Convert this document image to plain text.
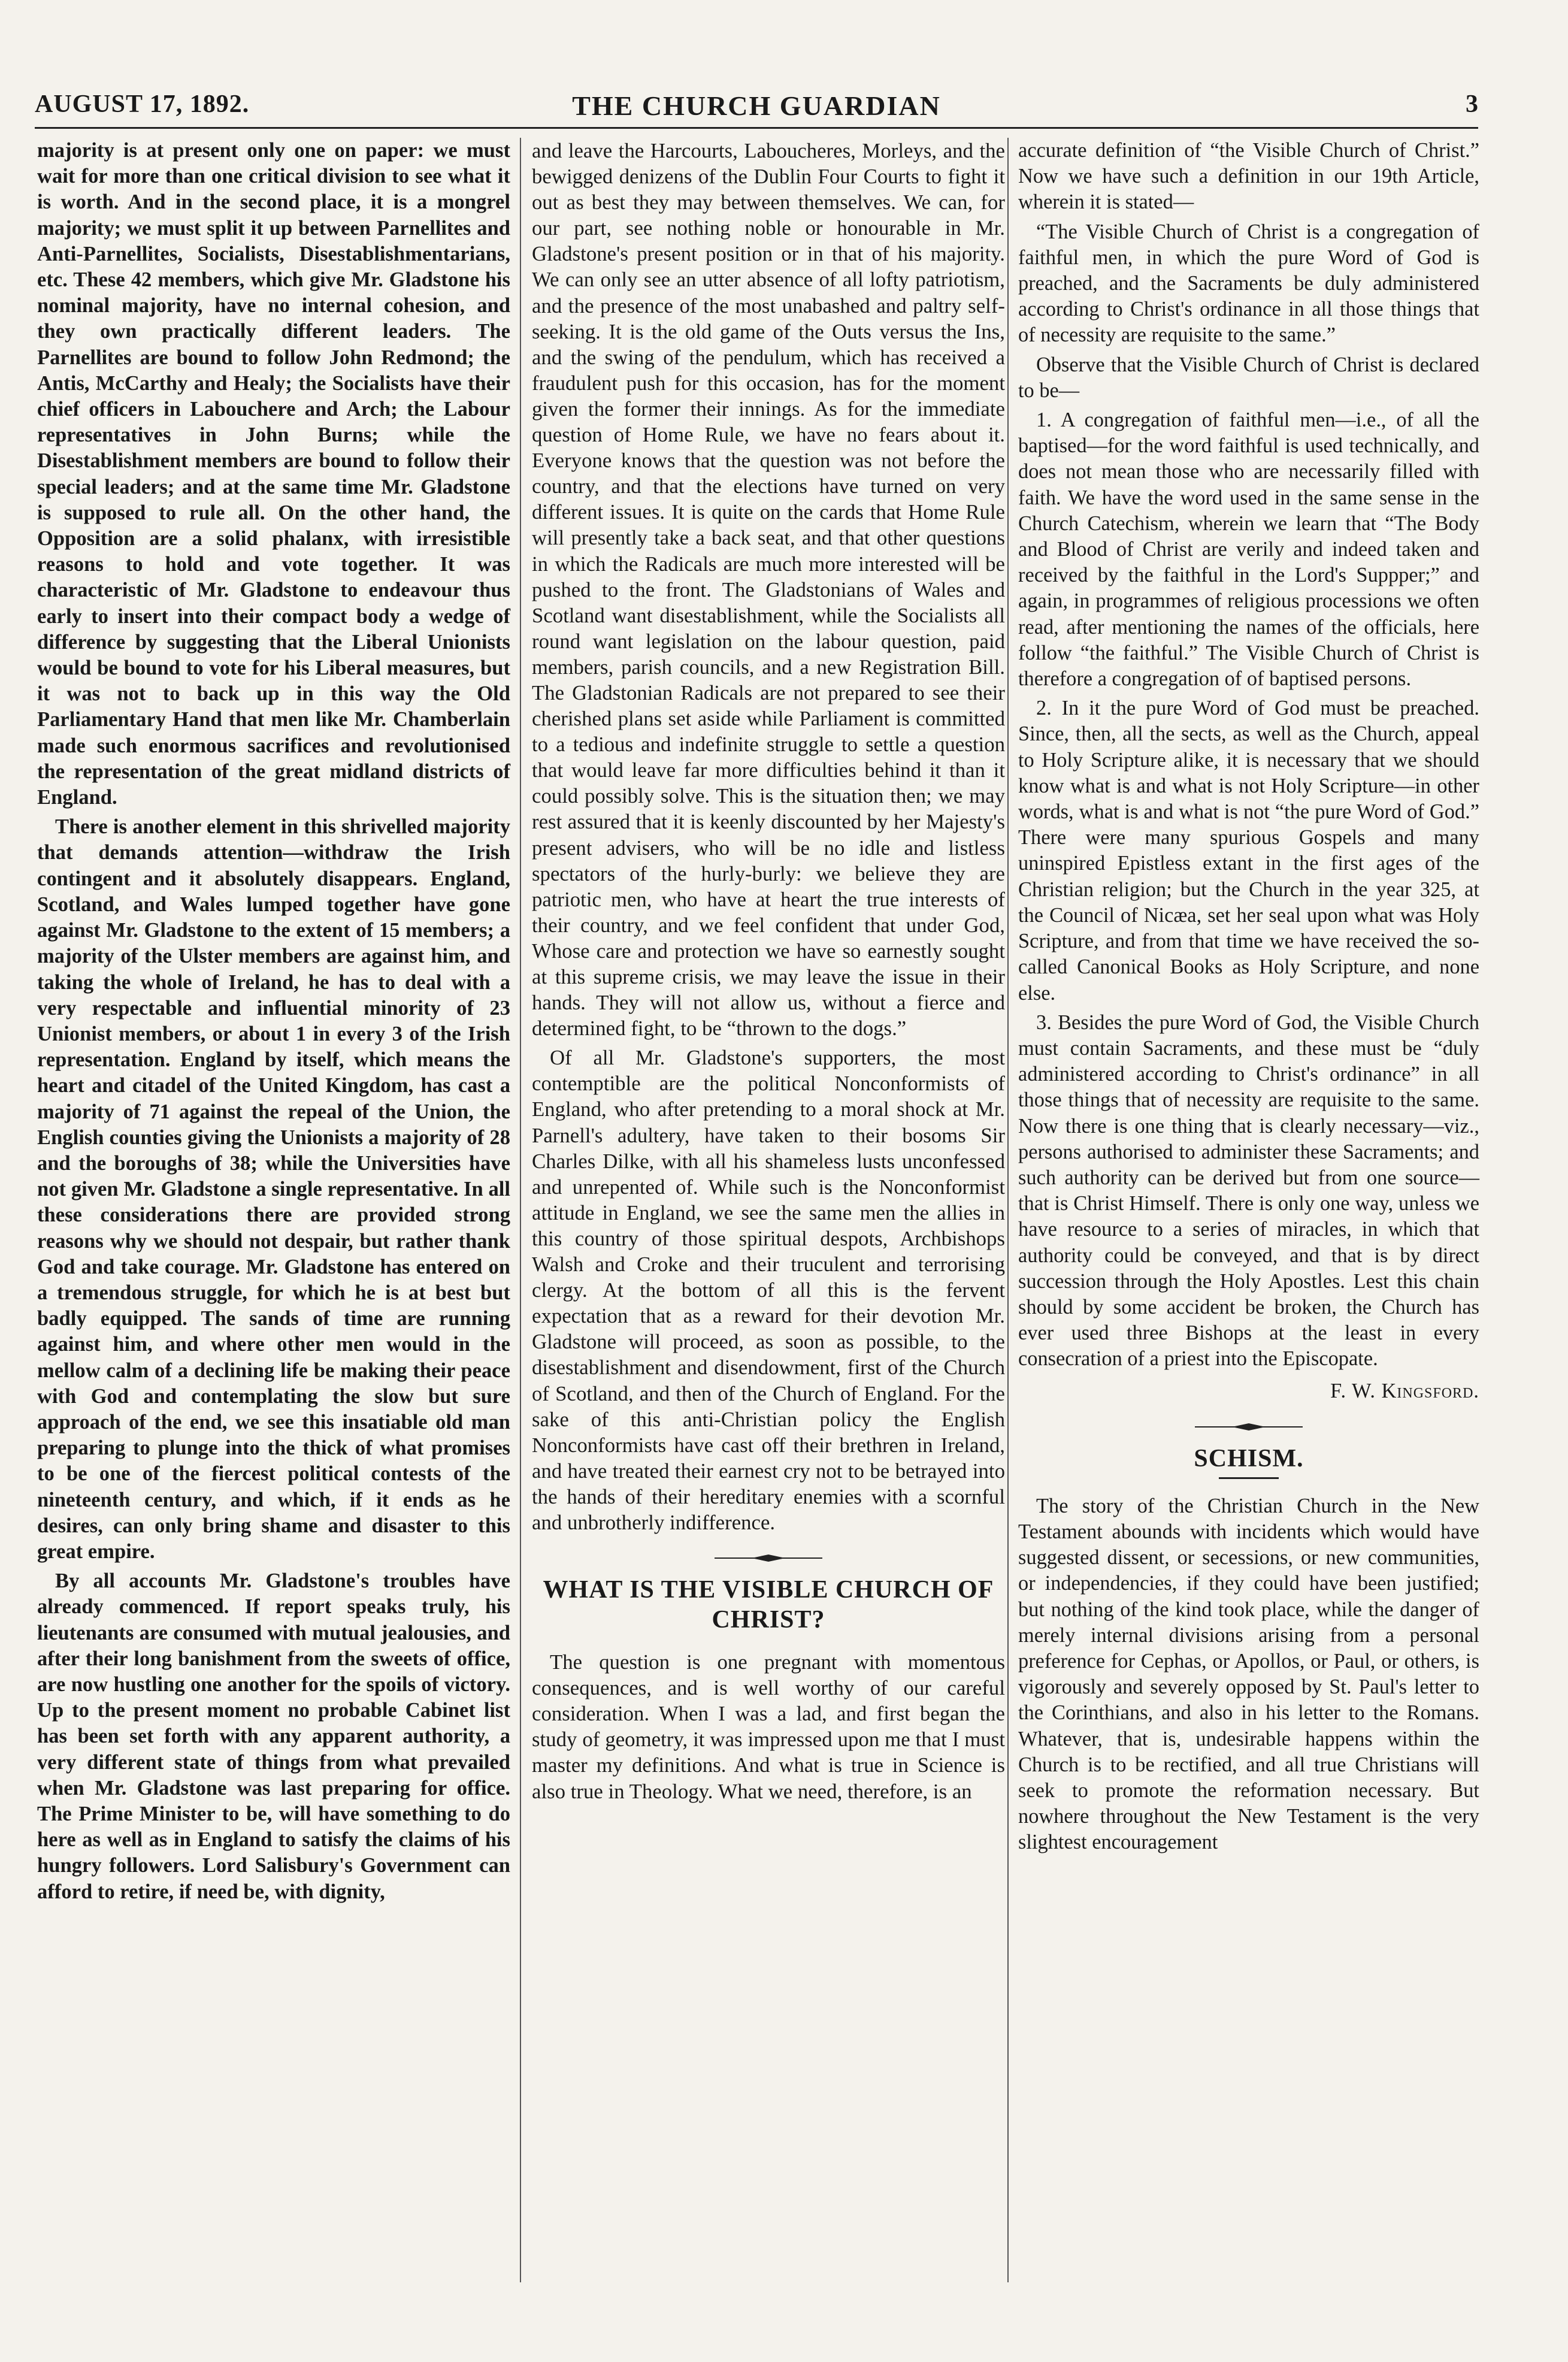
AUGUST 17, 1892.	THE CHURCH GUARDIAN	3

majority is at present only one on paper: we must wait for more than one critical division to see what it is worth. And in the second place, it is a mongrel majority; we must split it up between Parnellites and Anti-Parnellites, Socialists, Disestablishmentarians, etc. These 42 members, which give Mr. Gladstone his nominal majority, have no internal cohesion, and they own practically different leaders. The Parnellites are bound to follow John Redmond; the Antis, McCarthy and Healy; the Socialists have their chief officers in Labouchere and Arch; the Labour representatives in John Burns; while the Disestablishment members are bound to follow their special leaders; and at the same time Mr. Gladstone is supposed to rule all. On the other hand, the Opposition are a solid phalanx, with irresistible reasons to hold and vote together. It was characteristic of Mr. Gladstone to endeavour thus early to insert into their compact body a wedge of difference by suggesting that the Liberal Unionists would be bound to vote for his Liberal measures, but it was not to back up in this way the Old Parliamentary Hand that men like Mr. Chamberlain made such enormous sacrifices and revolutionised the representation of the great midland districts of England.

There is another element in this shrivelled majority that demands attention—withdraw the Irish contingent and it absolutely disappears. England, Scotland, and Wales lumped together have gone against Mr. Gladstone to the extent of 15 members; a majority of the Ulster members are against him, and taking the whole of Ireland, he has to deal with a very respectable and influential minority of 23 Unionist members, or about 1 in every 3 of the Irish representation. England by itself, which means the heart and citadel of the United Kingdom, has cast a majority of 71 against the repeal of the Union, the English counties giving the Unionists a majority of 28 and the boroughs of 38; while the Universities have not given Mr. Gladstone a single representative. In all these considerations there are provided strong reasons why we should not despair, but rather thank God and take courage. Mr. Gladstone has entered on a tremendous struggle, for which he is at best but badly equipped. The sands of time are running against him, and where other men would in the mellow calm of a declining life be making their peace with God and contemplating the slow but sure approach of the end, we see this insatiable old man preparing to plunge into the thick of what promises to be one of the fiercest political contests of the nineteenth century, and which, if it ends as he desires, can only bring shame and disaster to this great empire.

By all accounts Mr. Gladstone's troubles have already commenced. If report speaks truly, his lieutenants are consumed with mutual jealousies, and after their long banishment from the sweets of office, are now hustling one another for the spoils of victory. Up to the present moment no probable Cabinet list has been set forth with any apparent authority, a very different state of things from what prevailed when Mr. Gladstone was last preparing for office. The Prime Minister to be, will have something to do here as well as in England to satisfy the claims of his hungry followers. Lord Salisbury's Government can afford to retire, if need be, with dignity,

and leave the Harcourts, Laboucheres, Morleys, and the bewigged denizens of the Dublin Four Courts to fight it out as best they may between themselves. We can, for our part, see nothing noble or honourable in Mr. Gladstone's present position or in that of his majority. We can only see an utter absence of all lofty patriotism, and the presence of the most unabashed and paltry self-seeking. It is the old game of the Outs versus the Ins, and the swing of the pendulum, which has received a fraudulent push for this occasion, has for the moment given the former their innings. As for the immediate question of Home Rule, we have no fears about it. Everyone knows that the question was not before the country, and that the elections have turned on very different issues. It is quite on the cards that Home Rule will presently take a back seat, and that other questions in which the Radicals are much more interested will be pushed to the front. The Gladstonians of Wales and Scotland want disestablishment, while the Socialists all round want legislation on the labour question, paid members, parish councils, and a new Registration Bill. The Gladstonian Radicals are not prepared to see their cherished plans set aside while Parliament is committed to a tedious and indefinite struggle to settle a question that would leave far more difficulties behind it than it could possibly solve. This is the situation then; we may rest assured that it is keenly discounted by her Majesty's present advisers, who will be no idle and listless spectators of the hurly-burly: we believe they are patriotic men, who have at heart the true interests of their country, and we feel confident that under God, Whose care and protection we have so earnestly sought at this supreme crisis, we may leave the issue in their hands. They will not allow us, without a fierce and determined fight, to be “thrown to the dogs.”

Of all Mr. Gladstone's supporters, the most contemptible are the political Nonconformists of England, who after pretending to a moral shock at Mr. Parnell's adultery, have taken to their bosoms Sir Charles Dilke, with all his shameless lusts unconfessed and unrepented of. While such is the Nonconformist attitude in England, we see the same men the allies in this country of those spiritual despots, Archbishops Walsh and Croke and their truculent and terrorising clergy. At the bottom of all this is the fervent expectation that as a reward for their devotion Mr. Gladstone will proceed, as soon as possible, to the disestablishment and disendowment, first of the Church of Scotland, and then of the Church of England. For the sake of this anti-Christian policy the English Nonconformists have cast off their brethren in Ireland, and have treated their earnest cry not to be betrayed into the hands of their hereditary enemies with a scornful and unbrotherly indifference.

WHAT IS THE VISIBLE CHURCH OF CHRIST?

The question is one pregnant with momentous consequences, and is well worthy of our careful consideration. When I was a lad, and first began the study of geometry, it was impressed upon me that I must master my definitions. And what is true in Science is also true in Theology. What we need, therefore, is an

accurate definition of “the Visible Church of Christ.” Now we have such a definition in our 19th Article, wherein it is stated—

“The Visible Church of Christ is a congregation of faithful men, in which the pure Word of God is preached, and the Sacraments be duly administered according to Christ's ordinance in all those things that of necessity are requisite to the same.”

Observe that the Visible Church of Christ is declared to be—

1. A congregation of faithful men—i.e., of all the baptised—for the word faithful is used technically, and does not mean those who are necessarily filled with faith. We have the word used in the same sense in the Church Catechism, wherein we learn that “The Body and Blood of Christ are verily and indeed taken and received by the faithful in the Lord's Suppper;” and again, in programmes of religious processions we often read, after mentioning the names of the officials, here follow “the faithful.” The Visible Church of Christ is therefore a congregation of of baptised persons.

2. In it the pure Word of God must be preached. Since, then, all the sects, as well as the Church, appeal to Holy Scripture alike, it is necessary that we should know what is and what is not Holy Scripture—in other words, what is and what is not “the pure Word of God.” There were many spurious Gospels and many uninspired Epistless extant in the first ages of the Christian religion; but the Church in the year 325, at the Council of Nicæa, set her seal upon what was Holy Scripture, and from that time we have received the so-called Canonical Books as Holy Scripture, and none else.

3. Besides the pure Word of God, the Visible Church must contain Sacraments, and these must be “duly administered according to Christ's ordinance” in all those things that of necessity are requisite to the same. Now there is one thing that is clearly necessary—viz., persons authorised to administer these Sacraments; and such authority can be derived but from one source—that is Christ Himself. There is only one way, unless we have resource to a series of miracles, in which that authority could be conveyed, and that is by direct succession through the Holy Apostles. Lest this chain should by some accident be broken, the Church has ever used three Bishops at the least in every consecration of a priest into the Episcopate.

F. W. Kingsford.
SCHISM.

The story of the Christian Church in the New Testament abounds with incidents which would have suggested dissent, or secessions, or new communities, or independencies, if they could have been justified; but nothing of the kind took place, while the danger of merely internal divisions arising from a personal preference for Cephas, or Apollos, or Paul, or others, is vigorously and severely opposed by St. Paul's letter to the Corinthians, and also in his letter to the Romans. Whatever, that is, undesirable happens within the Church is to be rectified, and all true Christians will seek to promote the reformation necessary. But nowhere throughout the New Testament is the very slightest encouragement
